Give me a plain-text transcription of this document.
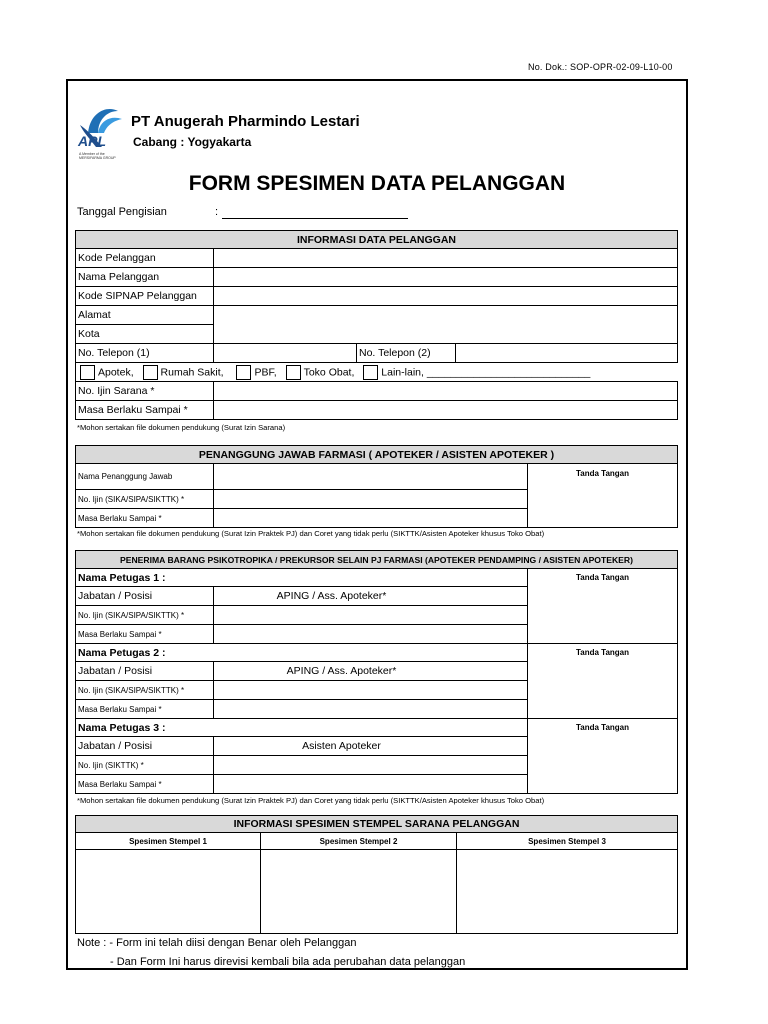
No. Dok.: SOP-OPR-02-09-L10-00
APL
A Member of the MERSIFARMA GROUP
PT Anugerah Pharmindo Lestari
Cabang : Yogyakarta
FORM SPESIMEN DATA PELANGGAN
Tanggal Pengisian	:
INFORMASI DATA PELANGGAN			
Kode Pelanggan			
Nama Pelanggan			
Kode SIPNAP Pelanggan			
Alamat			
Kota			
No. Telepon (1)		No. Telepon (2)	
Apotek, Rumah Sakit, PBF, Toko Obat, Lain-lain, ____________________________			
No. Ijin Sarana *			
Masa Berlaku Sampai *			
*Mohon sertakan file dokumen pendukung (Surat Izin Sarana)
PENANGGUNG JAWAB FARMASI ( APOTEKER / ASISTEN APOTEKER )		
Nama Penanggung Jawab		Tanda Tangan
No. Ijin (SIKA/SIPA/SIKTTK) *		
Masa Berlaku Sampai *		
*Mohon sertakan file dokumen pendukung (Surat Izin Praktek PJ) dan Coret yang tidak perlu (SIKTTK/Asisten Apoteker khusus Toko Obat)
PENERIMA BARANG PSIKOTROPIKA / PREKURSOR SELAIN PJ FARMASI (APOTEKER PENDAMPING / ASISTEN APOTEKER)		
Nama Petugas 1 :		Tanda Tangan
Jabatan / Posisi	APING / Ass. Apoteker*	
No. Ijin (SIKA/SIPA/SIKTTK) *		
Masa Berlaku Sampai *		

Nama Petugas 2 :		Tanda Tangan
Jabatan / Posisi	APING / Ass. Apoteker*	
No. Ijin (SIKA/SIPA/SIKTTK) *		
Masa Berlaku Sampai *		
Nama Petugas 3 :		Tanda Tangan
Jabatan / Posisi	Asisten Apoteker	
No. Ijin (SIKTTK) *		
Masa Berlaku Sampai *		
*Mohon sertakan file dokumen pendukung (Surat Izin Praktek PJ) dan Coret yang tidak perlu (SIKTTK/Asisten Apoteker khusus Toko Obat)
INFORMASI SPESIMEN STEMPEL SARANA PELANGGAN		
Spesimen Stempel 1	Spesimen Stempel 2	Spesimen Stempel 3

Note : - Form ini telah diisi dengan Benar oleh Pelanggan
- Dan Form Ini harus direvisi kembali bila ada perubahan data pelanggan
